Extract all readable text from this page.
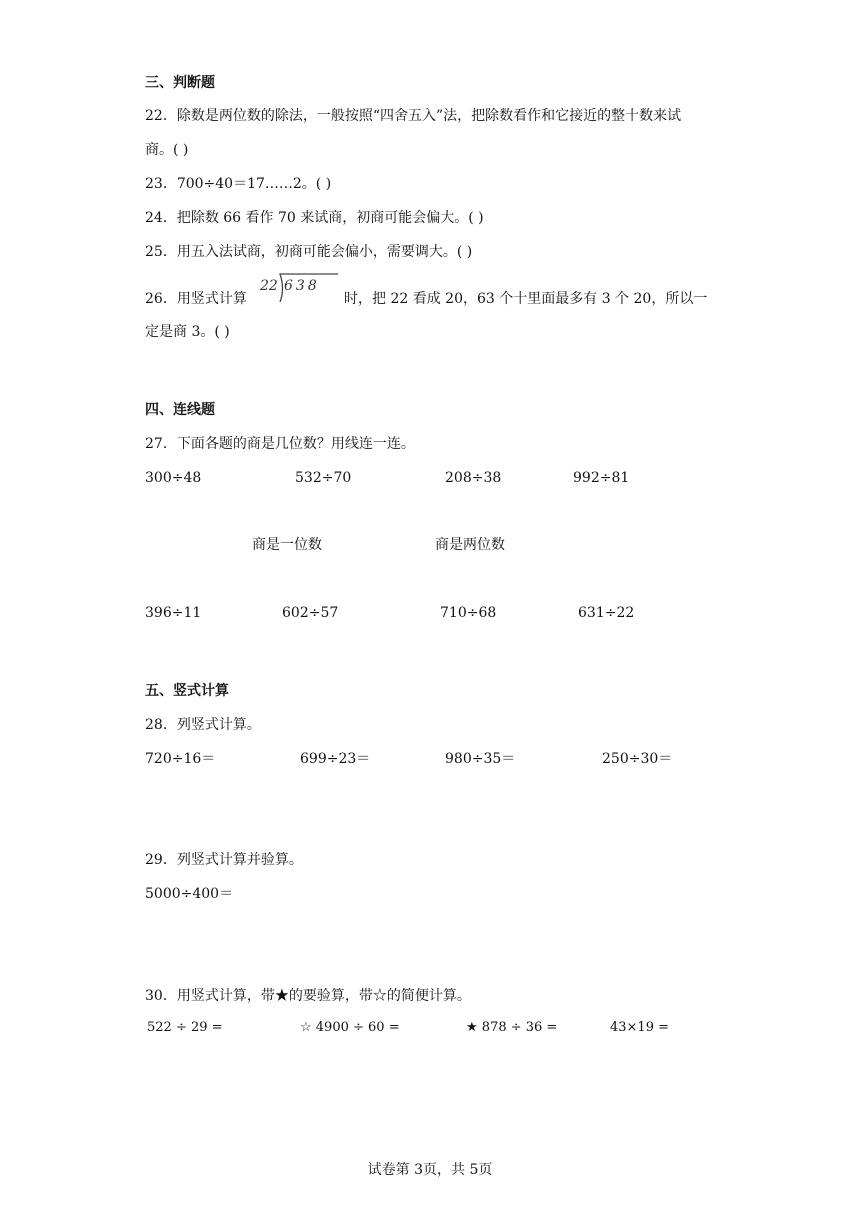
三、判断题
22．除数是两位数的除法，一般按照“四舍五入”法，把除数看作和它接近的整十数来试
商。( )
23．700÷40＝17……2。( )
24．把除数 66 看作 70 来试商，初商可能会偏大。( )
25．用五入法试商，初商可能会偏小，需要调大。( )
26．用竖式计算
22 638
时，把 22 看成 20，63 个十里面最多有 3 个 20，所以一
定是商 3。( )
四、连线题
27．下面各题的商是几位数？用线连一连。
300÷48	532÷70	208÷38	992÷81
商是一位数	商是两位数
396÷11	602÷57	710÷68	631÷22
五、竖式计算
28．列竖式计算。
720÷16＝	699÷23＝	980÷35＝	250÷30＝
29．列竖式计算并验算。
5000÷400＝
30．用竖式计算，带★的要验算，带☆的简便计算。
522 ÷ 29 =	☆ 4900 ÷ 60 =	★ 878 ÷ 36 =	43×19 =
试卷第 3页，共 5页
